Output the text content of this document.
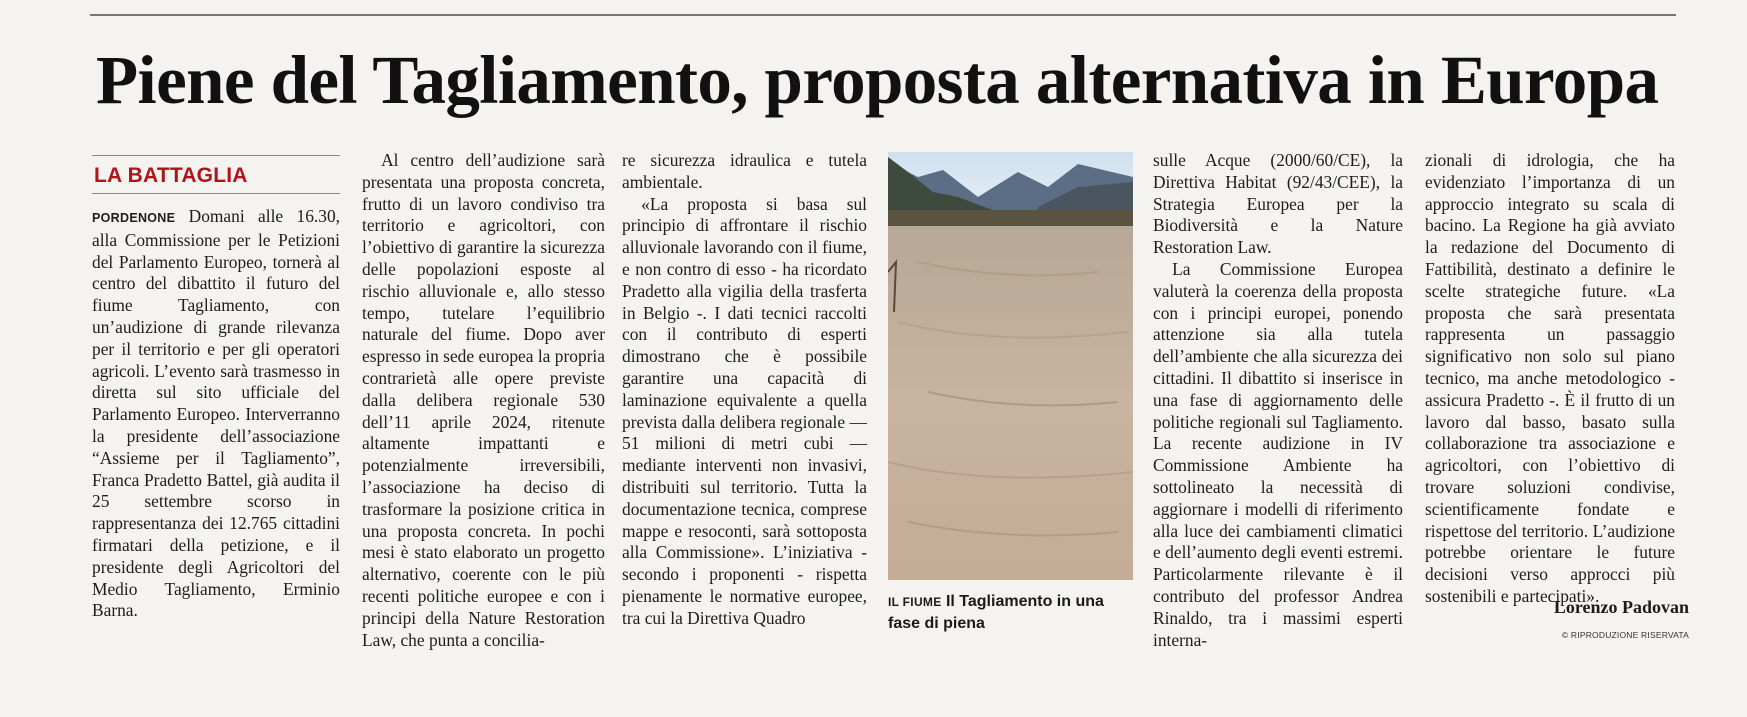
Piene del Tagliamento, proposta alternativa in Europa
LA BATTAGLIA

PORDENONE Domani alle 16.30, alla Commissione per le Petizioni del Parlamento Europeo, tornerà al centro del dibattito il futuro del fiume Tagliamento, con un’audizione di grande rilevanza per il territorio e per gli operatori agricoli. L’evento sarà trasmesso in diretta sul sito ufficiale del Parlamento Europeo. Interverranno la presidente dell’associazione “Assieme per il Tagliamento”, Franca Pradetto Battel, già audita il 25 settembre scorso in rappresentanza dei 12.765 cittadini firmatari della petizione, e il presidente degli Agricoltori del Medio Tagliamento, Erminio Barna.

Al centro dell’audizione sarà presentata una proposta concreta, frutto di un lavoro condiviso tra territorio e agricoltori, con l’obiettivo di garantire la sicurezza delle popolazioni esposte al rischio alluvionale e, allo stesso tempo, tutelare l’equilibrio naturale del fiume. Dopo aver espresso in sede europea la propria contrarietà alle opere previste dalla delibera regionale 530 dell’11 aprile 2024, ritenute altamente impattanti e potenzialmente irreversibili, l’associazione ha deciso di trasformare la posizione critica in una proposta concreta. In pochi mesi è stato elaborato un progetto alternativo, coerente con le più recenti politiche europee e con i principi della Nature Restoration Law, che punta a concilia-

re sicurezza idraulica e tutela ambientale.

«La proposta si basa sul principio di affrontare il rischio alluvionale lavorando con il fiume, e non contro di esso - ha ricordato Pradetto alla vigilia della trasferta in Belgio -. I dati tecnici raccolti con il contributo di esperti dimostrano che è possibile garantire una capacità di laminazione equivalente a quella prevista dalla delibera regionale — 51 milioni di metri cubi — mediante interventi non invasivi, distribuiti sul territorio. Tutta la documentazione tecnica, comprese mappe e resoconti, sarà sottoposta alla Commissione». L’iniziativa - secondo i proponenti - rispetta pienamente le normative europee, tra cui la Direttiva Quadro

IL FIUME Il Tagliamento in una fase di piena

sulle Acque (2000/60/CE), la Direttiva Habitat (92/43/CEE), la Strategia Europea per la Biodiversità e la Nature Restoration Law.

La Commissione Europea valuterà la coerenza della proposta con i principi europei, ponendo attenzione sia alla tutela dell’ambiente che alla sicurezza dei cittadini. Il dibattito si inserisce in una fase di aggiornamento delle politiche regionali sul Tagliamento. La recente audizione in IV Commissione Ambiente ha sottolineato la necessità di aggiornare i modelli di riferimento alla luce dei cambiamenti climatici e dell’aumento degli eventi estremi. Particolarmente rilevante è il contributo del professor Andrea Rinaldo, tra i massimi esperti interna-

zionali di idrologia, che ha evidenziato l’importanza di un approccio integrato su scala di bacino. La Regione ha già avviato la redazione del Documento di Fattibilità, destinato a definire le scelte strategiche future. «La proposta che sarà presentata rappresenta un passaggio significativo non solo sul piano tecnico, ma anche metodologico - assicura Pradetto -. È il frutto di un lavoro dal basso, basato sulla collaborazione tra associazione e agricoltori, con l’obiettivo di trovare soluzioni condivise, scientificamente fondate e rispettose del territorio. L’audizione potrebbe orientare le future decisioni verso approcci più sostenibili e partecipati».

Lorenzo Padovan
© RIPRODUZIONE RISERVATA
